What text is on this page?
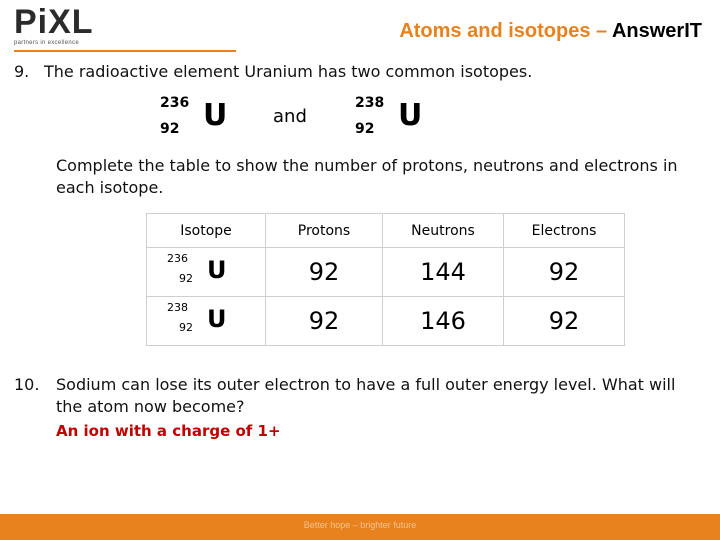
PiXL
partners in excellence
Atoms and isotopes – AnswerIT
9. The radioactive element Uranium has two common isotopes.
236
92 U	and
238
92 U
Complete the table to show the number of protons, neutrons and electrons in each isotope.
Isotope	Protons	Neutrons	Electrons

236
92 U	92	144	92

238
92 U	92	146	92
10. Sodium can lose its outer electron to have a full outer energy level. What will the atom now become?
An ion with a charge of 1+
Better hope – brighter future
